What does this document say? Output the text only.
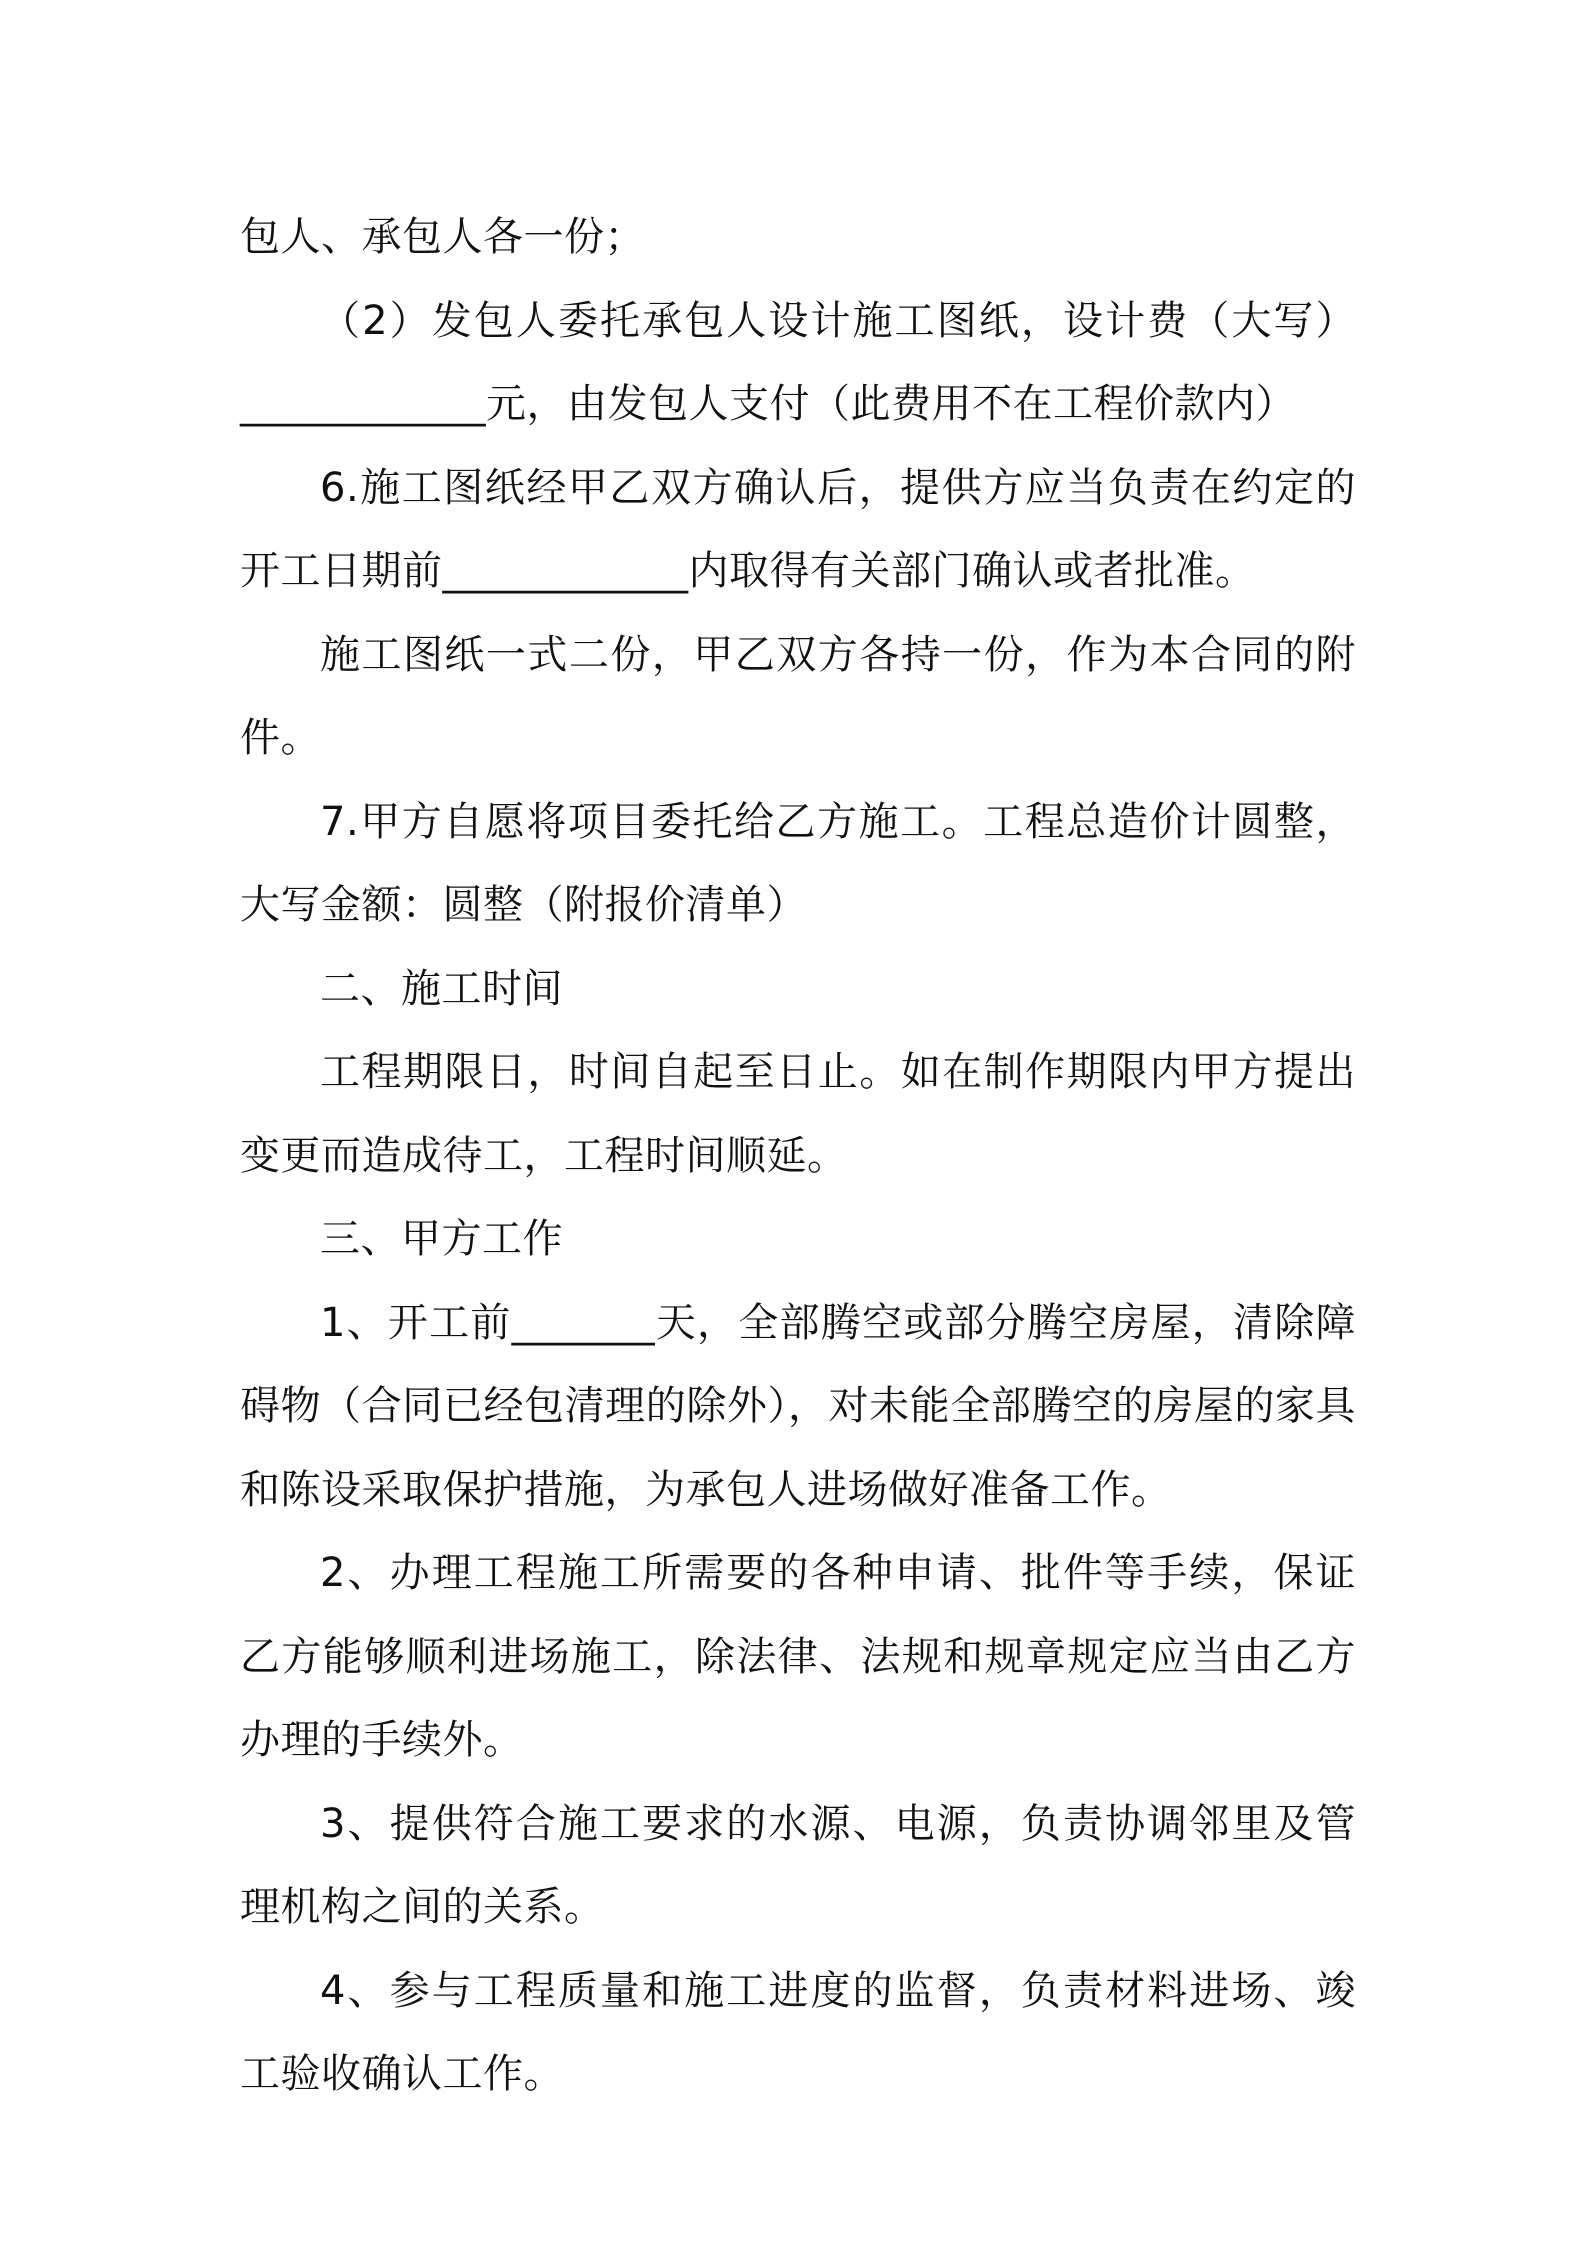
包人、承包人各一份；

（2）发包人委托承包人设计施工图纸，设计费（大写）____________元，由发包人支付（此费用不在工程价款内）

6.施工图纸经甲乙双方确认后，提供方应当负责在约定的开工日期前____________内取得有关部门确认或者批准。

施工图纸一式二份，甲乙双方各持一份，作为本合同的附件。

7.甲方自愿将项目委托给乙方施工。工程总造价计圆整，大写金额：圆整（附报价清单）

二、施工时间

工程期限日，时间自起至日止。如在制作期限内甲方提出变更而造成待工，工程时间顺延。

三、甲方工作

1、开工前_______天，全部腾空或部分腾空房屋，清除障碍物（合同已经包清理的除外），对未能全部腾空的房屋的家具和陈设采取保护措施，为承包人进场做好准备工作。

2、办理工程施工所需要的各种申请、批件等手续，保证乙方能够顺利进场施工，除法律、法规和规章规定应当由乙方办理的手续外。

3、提供符合施工要求的水源、电源，负责协调邻里及管理机构之间的关系。

4、参与工程质量和施工进度的监督，负责材料进场、竣工验收确认工作。
